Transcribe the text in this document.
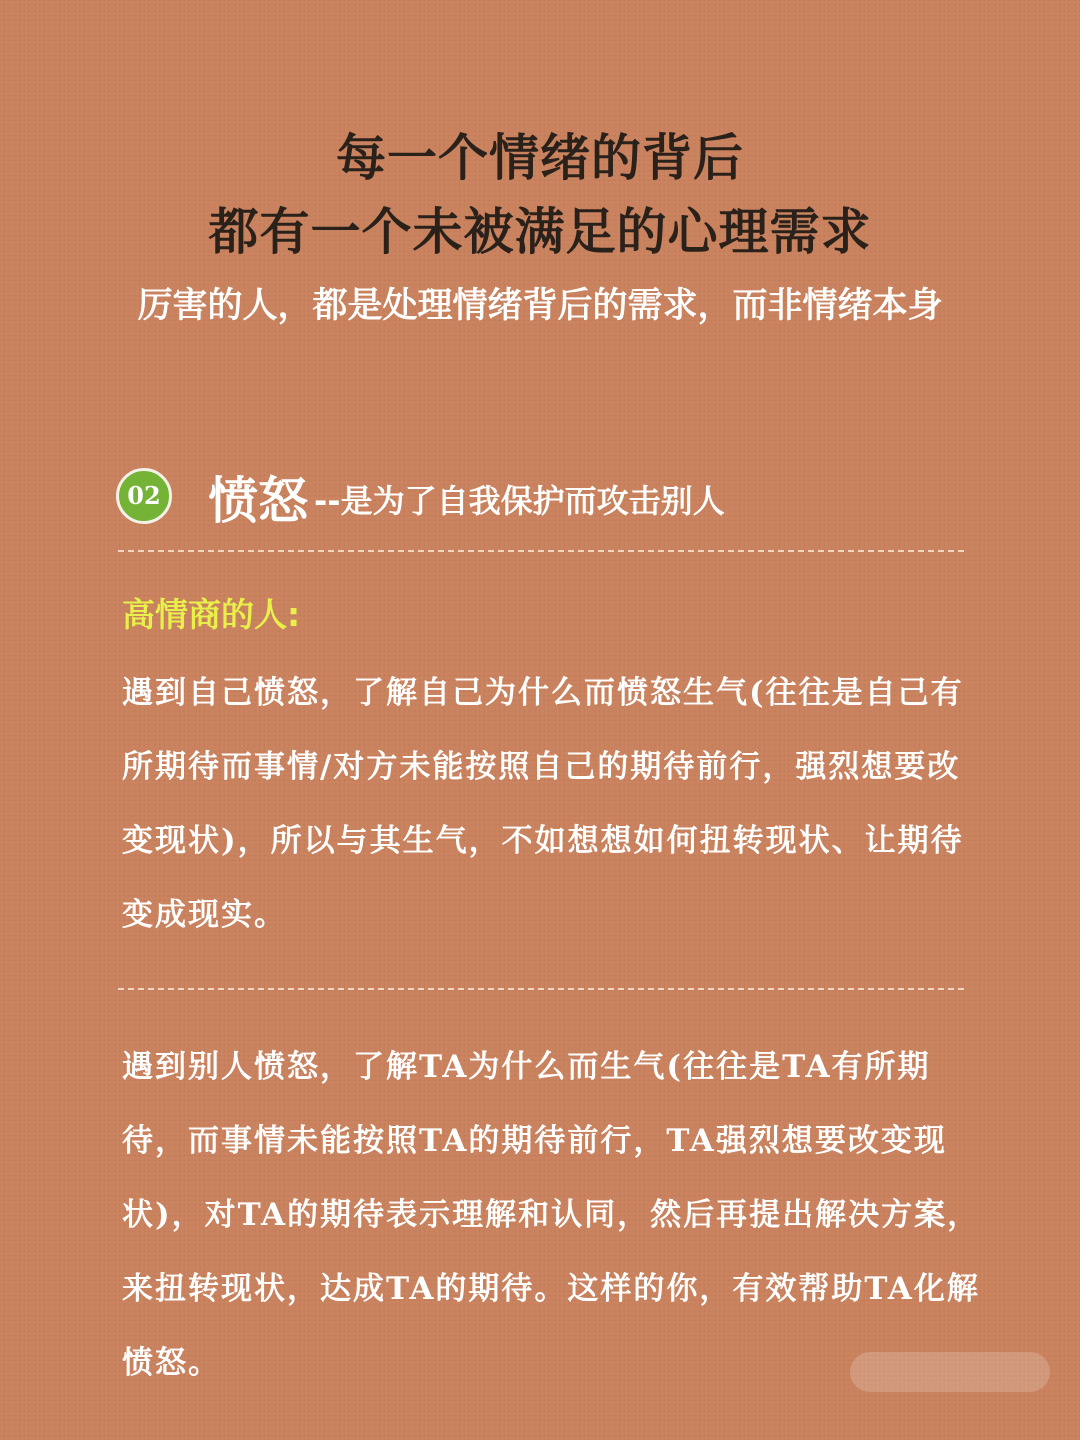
每一个情绪的背后
都有一个未被满足的心理需求
厉害的人，都是处理情绪背后的需求，而非情绪本身
02 愤怒 --是为了自我保护而攻击别人
高情商的人:
遇到自己愤怒，了解自己为什么而愤怒生气(往往是自己有所期待而事情/对方未能按照自己的期待前行，强烈想要改变现状)，所以与其生气，不如想想如何扭转现状、让期待变成现实。
遇到别人愤怒，了解TA为什么而生气(往往是TA有所期待，而事情未能按照TA的期待前行，TA强烈想要改变现状)，对TA的期待表示理解和认同，然后再提出解决方案，来扭转现状，达成TA的期待。这样的你，有效帮助TA化解愤怒。
